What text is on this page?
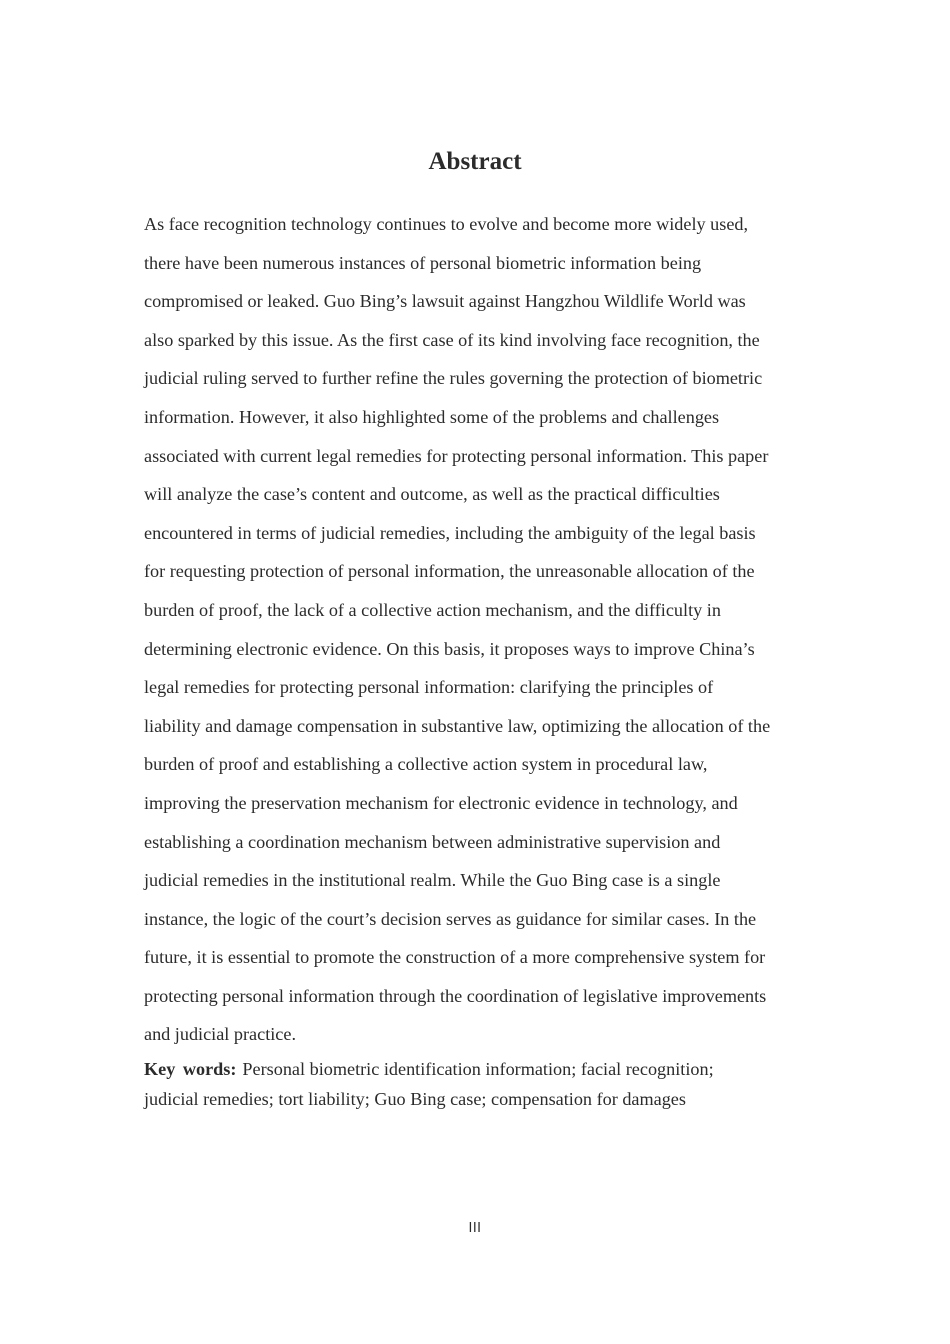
Abstract
As face recognition technology continues to evolve and become more widely used,
there have been numerous instances of personal biometric information being
compromised or leaked. Guo Bing’s lawsuit against Hangzhou Wildlife World was
also sparked by this issue. As the first case of its kind involving face recognition, the
judicial ruling served to further refine the rules governing the protection of biometric
information. However, it also highlighted some of the problems and challenges
associated with current legal remedies for protecting personal information. This paper
will analyze the case’s content and outcome, as well as the practical difficulties
encountered in terms of judicial remedies, including the ambiguity of the legal basis
for requesting protection of personal information, the unreasonable allocation of the
burden of proof, the lack of a collective action mechanism, and the difficulty in
determining electronic evidence. On this basis, it proposes ways to improve China’s
legal remedies for protecting personal information: clarifying the principles of
liability and damage compensation in substantive law, optimizing the allocation of the
burden of proof and establishing a collective action system in procedural law,
improving the preservation mechanism for electronic evidence in technology, and
establishing a coordination mechanism between administrative supervision and
judicial remedies in the institutional realm. While the Guo Bing case is a single
instance, the logic of the court’s decision serves as guidance for similar cases. In the
future, it is essential to promote the construction of a more comprehensive system for
protecting personal information through the coordination of legislative improvements
and judicial practice.
Key words: Personal biometric identification information; facial recognition;
judicial remedies; tort liability; Guo Bing case; compensation for damages
III
